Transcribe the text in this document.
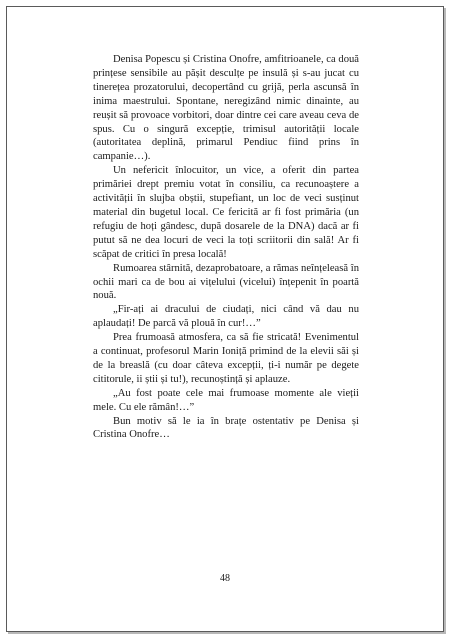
Denisa Popescu și Cristina Onofre, amfitrioanele, ca două prințese sensibile au pășit desculțe pe insulă și s-au jucat cu tinerețea prozatorului, decopertând cu grijă, perla ascunsă în inima maestrului. Spontane, neregizând nimic dinainte, au reușit să provoace vorbitori, doar dintre cei care aveau ceva de spus. Cu o singură excepție, trimisul autorității locale (autoritatea deplină, primarul Pendiuc fiind prins în campanie…).

Un nefericit înlocuitor, un vice, a oferit din partea primăriei drept premiu votat în consiliu, ca recunoaștere a activității în slujba obștii, stupefiant, un loc de veci susținut material din bugetul local. Ce fericită ar fi fost primăria (un refugiu de hoți gândesc, după dosarele de la DNA) dacă ar fi putut să ne dea locuri de veci la toți scriitorii din sală! Ar fi scăpat de critici în presa locală!

Rumoarea stârnită, dezaprobatoare, a rămas neînțeleasă în ochii mari ca de bou ai vițelului (vicelui) înțepenit în poartă nouă.

„Fir-ați ai dracului de ciudați, nici când vă dau nu aplaudați! De parcă vă plouă în cur!…”

Prea frumoasă atmosfera, ca să fie stricată! Evenimentul a continuat, profesorul Marin Ioniță primind de la elevii săi și de la breaslă (cu doar câteva excepții, ți-i număr pe degete cititorule, ii știi și tu!), recunoștință și aplauze.

„Au fost poate cele mai frumoase momente ale vieții mele. Cu ele rămân!…”

Bun motiv să le ia în brațe ostentativ pe Denisa și Cristina Onofre…

48
